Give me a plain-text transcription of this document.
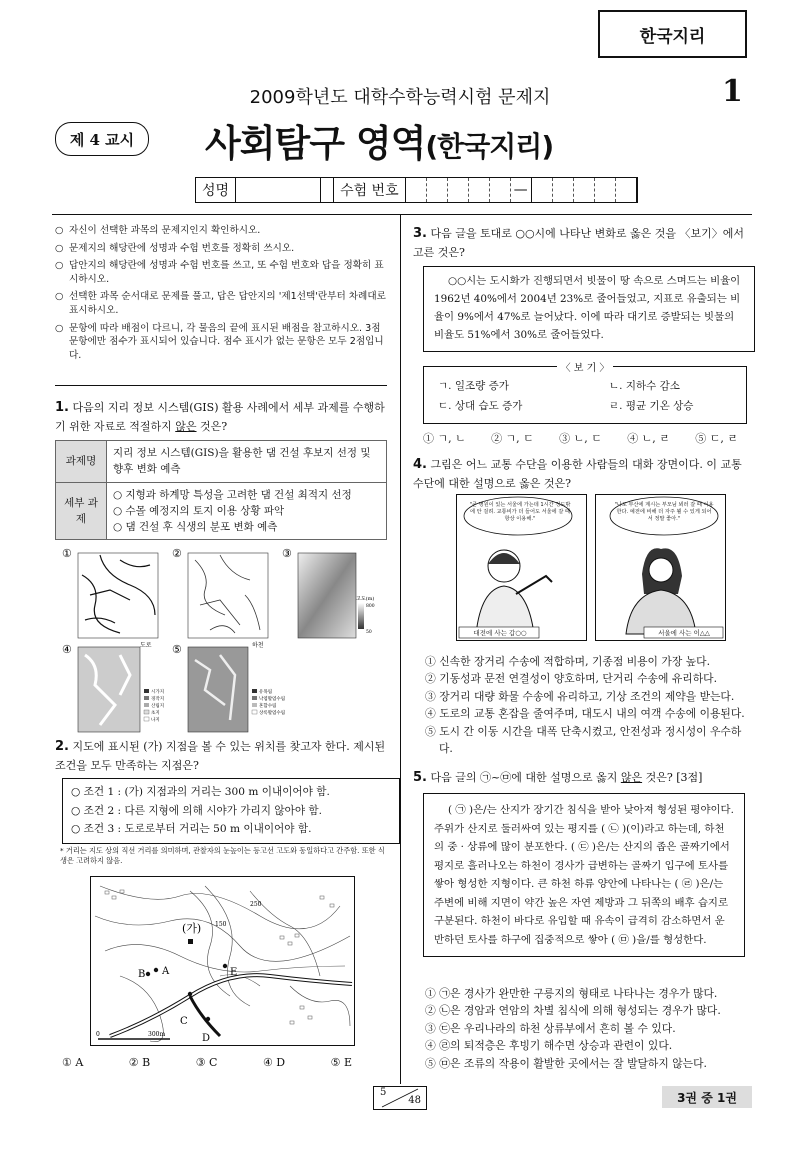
한국지리
2009학년도 대학수학능력시험 문제지	1
제 4 교시	사회탐구 영역(한국지리)
성명	수험 번호	—
○ 자신이 선택한 과목의 문제지인지 확인하시오.
○ 문제지의 해당란에 성명과 수험 번호를 정확히 쓰시오.
○ 답안지의 해당란에 성명과 수험 번호를 쓰고, 또 수험 번호와 답을 정확히 표시하시오.
○ 선택한 과목 순서대로 문제를 풀고, 답은 답안지의 '제1선택'란부터 차례대로 표시하시오.
○ 문항에 따라 배점이 다르니, 각 물음의 끝에 표시된 배점을 참고하시오. 3점 문항에만 점수가 표시되어 있습니다. 점수 표시가 없는 문항은 모두 2점입니다.
1. 다음의 지리 정보 시스템(GIS) 활용 사례에서 세부 과제를 수행하기 위한 자료로 적절하지 않은 것은?
과제명	지리 정보 시스템(GIS)을 활용한 댐 건설 후보지 선정 및 향후 변화 예측
세부 과제	○ 지형과 하계망 특성을 고려한 댐 건설 최적지 선정
○ 수몰 예정지의 토지 이용 상황 파악
○ 댐 건설 후 식생의 분포 변화 예측
①
도로
②
하천
③
고도(m)
800
50
④
시가지
경작지
산림지
초지
나지
⑤
유목림
낙엽활엽수림
혼합수림
상록활엽수림
2. 지도에 표시된 (가) 지점을 볼 수 있는 위치를 찾고자 한다. 제시된 조건을 모두 만족하는 지점은?
○ 조건 1 : (가) 지점과의 거리는 300 m 이내이어야 함.
○ 조건 2 : 다른 지형에 의해 시야가 가리지 않아야 함.
○ 조건 3 : 도로로부터 거리는 50 m 이내이어야 함.
* 거리는 지도 상의 직선 거리를 의미하며, 관찰자의 눈높이는 등고선 고도와 동일하다고 간주함. 또한 식생은 고려하지 않음.
(가)
A	E
C
B
D
250
150
0	300m
① A	② B	③ C	④ D	⑤ E
3. 다음 글을 토대로 ○○시에 나타난 변화로 옳은 것을 〈보기〉에서 고른 것은?
○○시는 도시화가 진행되면서 빗물이 땅 속으로 스며드는 비율이 1962년 40%에서 2004년 23%로 줄어들었고, 지표로 유출되는 비율이 9%에서 47%로 늘어났다. 이에 따라 대기로 증발되는 빗물의 비율도 51%에서 30%로 줄어들었다.
〈 보 기 〉
ㄱ. 일조량 증가
ㄷ. 상대 습도 증가
ㄴ. 지하수 감소
ㄹ. 평균 기온 상승
① ㄱ, ㄴ ② ㄱ, ㄷ ③ ㄴ, ㄷ ④ ㄴ, ㄹ ⑤ ㄷ, ㄹ
4. 그림은 어느 교통 수단을 이용한 사람들의 대화 장면이다. 이 교통 수단에 대한 설명으로 옳은 것은?
"큰 병원이 있는 서울에 가는데 1시간 정도밖에 안 걸려. 교통비가 더 들어도 서울에 갈 때 항상 이용해."
"나도 부산에 계시는 부모님 뵈러 갈 때 이용한다. 예전에 비해 더 자주 뵐 수 있게 되어서 정말 좋아."
대전에 사는 갑○○	서울에 사는 이△△
① 신속한 장거리 수송에 적합하며, 기종점 비용이 가장 높다.
② 기동성과 문전 연결성이 양호하며, 단거리 수송에 유리하다.
③ 장거리 대량 화물 수송에 유리하고, 기상 조건의 제약을 받는다.
④ 도로의 교통 혼잡을 줄여주며, 대도시 내의 여객 수송에 이용된다.
⑤ 도시 간 이동 시간을 대폭 단축시켰고, 안전성과 정시성이 우수하다.
5. 다음 글의 ㉠~㉤에 대한 설명으로 옳지 않은 것은? [3점]
( ㉠ )은/는 산지가 장기간 침식을 받아 낮아져 형성된 평야이다. 주위가 산지로 둘러싸여 있는 평지를 ( ㉡ )(이)라고 하는데, 하천의 중 · 상류에 많이 분포한다. ( ㉢ )은/는 산지의 좁은 골짜기에서 평지로 흘러나오는 하천이 경사가 급변하는 골짜기 입구에 토사를 쌓아 형성한 지형이다. 큰 하천 하류 양안에 나타나는 ( ㉣ )은/는 주변에 비해 지면이 약간 높은 자연 제방과 그 뒤쪽의 배후 습지로 구분된다. 하천이 바다로 유입할 때 유속이 급격히 감소하면서 운반하던 토사를 하구에 집중적으로 쌓아 ( ㉤ )을/를 형성한다.
① ㉠은 경사가 완만한 구릉지의 형태로 나타나는 경우가 많다.
② ㉡은 경암과 연암의 차별 침식에 의해 형성되는 경우가 많다.
③ ㉢은 우리나라의 하천 상류부에서 흔히 볼 수 있다.
④ ㉣의 퇴적층은 후빙기 해수면 상승과 관련이 있다.
⑤ ㉤은 조류의 작용이 활발한 곳에서는 잘 발달하지 않는다.
5
48	3권 중 1권
